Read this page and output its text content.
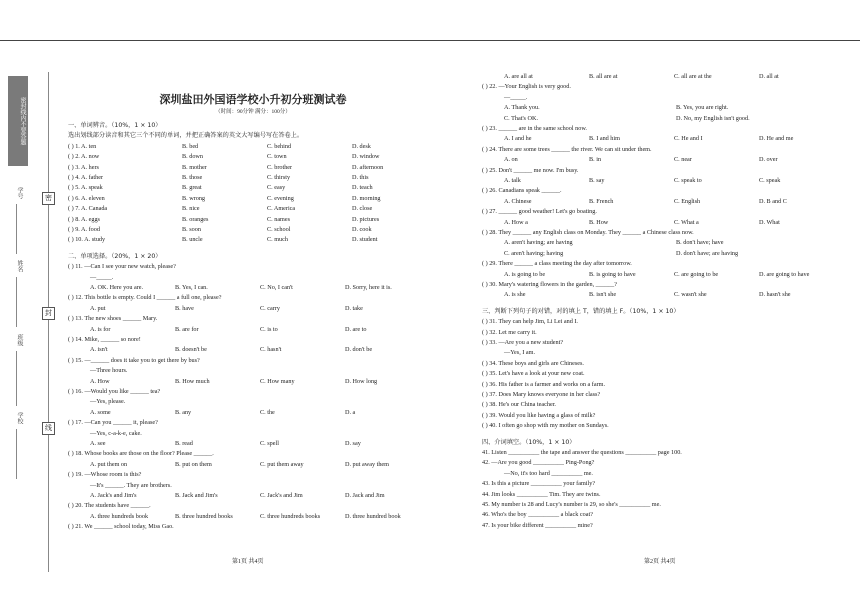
密封线内不要答题
学号
姓名
班级
学校
密
封
线
深圳盐田外国语学校小升初分班测试卷
（时间：90分钟 满分：100分）
一、单词辨音。（10%，1 × 10）
选出划线部分读音和其它三个不同的单词，并把正确答案的英文大写编号写在答卷上。
( ) 1. A. ten	B. bed	C. behind	D. desk
( ) 2. A. now	B. down	C. town	D. window
( ) 3. A. hers	B. mother	C. brother	D. afternoon
( ) 4. A. father	B. those	C. thirsty	D. this
( ) 5. A. speak	B. great	C. easy	D. teach
( ) 6. A. eleven	B. wrong	C. evening	D. morning
( ) 7. A. Canada	B. nice	C. America	D. close
( ) 8. A. eggs	B. oranges	C. names	D. pictures
( ) 9. A. food	B. soon	C. school	D. cook
( ) 10. A. study	B. uncle	C. much	D. student
二、单项选择。（20%，1 × 20）
( ) 11. —Can I see your new watch, please?
—_____.
A. OK. Here you are.	B. Yes, I can.	C. No, I can't	D. Sorry, here it is.
( ) 12. This bottle is empty. Could I ______ a full one, please?
A. put	B. have	C. carry	D. take
( ) 13. The new shoes ______ Mary.
A. is for	B. are for	C. is to	D. are to
( ) 14. Mike, ______ so nore!
A. isn't	B. doesn't be	C. hasn't	D. don't be
( ) 15. —______ does it take you to get there by bus?
—Three hours.
A. How	B. How much	C. How many	D. How long
( ) 16. —Would you like ______ tea?
—Yes, please.
A. some	B. any	C. the	D. a
( ) 17. —Can you ______ it, please?
—Yes, c-a-k-e, cake.
A. see	B. read	C. spell	D. say
( ) 18. Whose books are those on the floor? Please ______.
A. put them on	B. put on them	C. put them away	D. put away them
( ) 19. —Whose room is this?
—It's ______. They are brothers.
A. Jack's and Jim's	B. Jack and Jim's	C. Jack's and Jim	D. Jack and Jim
( ) 20. The students have ______.
A. three hundreds book	B. three hundred books	C. three hundreds books	D. three hundred book
( ) 21. We ______ school today, Miss Gao.
第1页 共4页
A. are all at	B. all are at	C. all are at the	D. all at
( ) 22. —Your English is very good.
—_____.
A. Thank you.	B. Yes, you are right.
C. That's OK.	D. No, my English isn't good.
( ) 23. ______ are in the same school now.
A. I and he	B. I and him	C. He and I	D. He and me
( ) 24. There are some trees ______ the river. We can sit under them.
A. on	B. in	C. near	D. over
( ) 25. Don't ______ me now. I'm busy.
A. talk	B. say	C. speak to	C. speak
( ) 26. Canadians speak ______.
A. Chinese	B. French	C. English	D. B and C
( ) 27. ______ good weather! Let's go boating.
A. How a	B. How	C. What a	D. What
( ) 28. They ______ any English class on Monday. They ______ a Chinese class now.
A. aren't having; are having	B. don't have; have
C. aren't having; having	D. don't have; are having
( ) 29. There ______ a class meeting the day after tomorrow.
A. is going to be	B. is going to have	C. are going to be	D. are going to have
( ) 30. Mary's watering flowers in the garden, ______?
A. is she	B. isn't she	C. wasn't she	D. hasn't she
三、判断下列句子的对错，对的填上 T，错的填上 F。（10%，1 × 10）
( ) 31. They can help Jim, Li Lei and I.
( ) 32. Let me carry it.
( ) 33. —Are you a new student?
—Yes, I am.
( ) 34. These boys and girls are Chineses.
( ) 35. Let's have a look at your new coat.
( ) 36. His father is a farmer and works on a farm.
( ) 37. Does Mary knows everyone in her class?
( ) 38. He's our China teacher.
( ) 39. Would you like having a glass of milk?
( ) 40. I often go shop with my mother on Sundays.
四、介词填空。（10%，1 × 10）
41. Listen __________ the tape and answer the questions __________ page 100.
42. —Are you good __________ Ping-Pong?
—No, it's too hard __________ me.
43. Is this a picture __________ your family?
44. Jim looks __________ Tim. They are twins.
45. My number is 28 and Lucy's number is 29, so she's __________ me.
46. Who's the boy __________ a black coat?
47. Is your bike different __________ mine?
第2页 共4页
